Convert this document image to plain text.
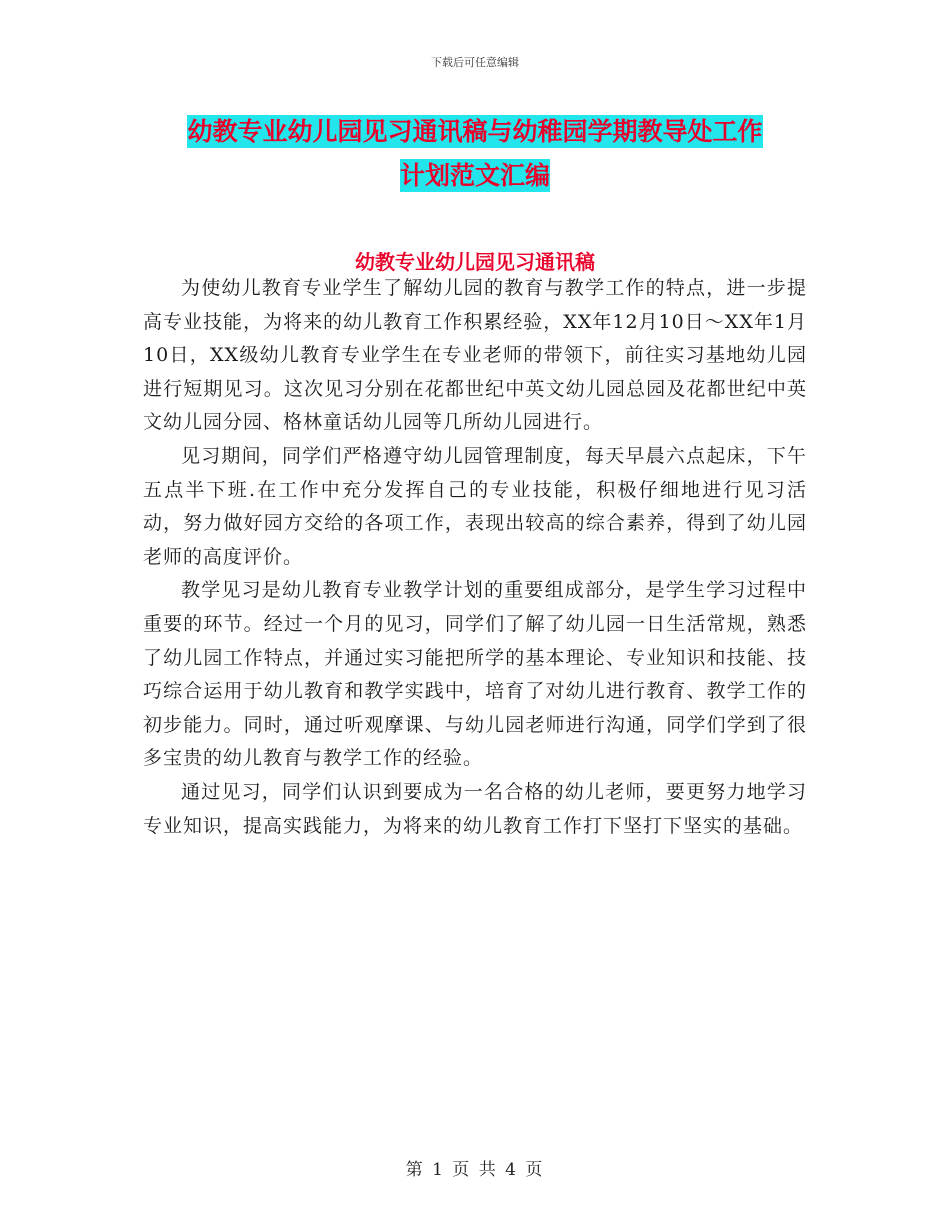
下载后可任意编辑
幼教专业幼儿园见习通讯稿与幼稚园学期教导处工作
计划范文汇编
幼教专业幼儿园见习通讯稿

为使幼儿教育专业学生了解幼儿园的教育与教学工作的特点，进一步提高专业技能，为将来的幼儿教育工作积累经验，XX年12月10日～XX年1月10日，XX级幼儿教育专业学生在专业老师的带领下，前往实习基地幼儿园进行短期见习。这次见习分别在花都世纪中英文幼儿园总园及花都世纪中英文幼儿园分园、格林童话幼儿园等几所幼儿园进行。

见习期间，同学们严格遵守幼儿园管理制度，每天早晨六点起床，下午五点半下班.在工作中充分发挥自己的专业技能，积极仔细地进行见习活动，努力做好园方交给的各项工作，表现出较高的综合素养，得到了幼儿园老师的高度评价。

教学见习是幼儿教育专业教学计划的重要组成部分，是学生学习过程中重要的环节。经过一个月的见习，同学们了解了幼儿园一日生活常规，熟悉了幼儿园工作特点，并通过实习能把所学的基本理论、专业知识和技能、技巧综合运用于幼儿教育和教学实践中，培育了对幼儿进行教育、教学工作的初步能力。同时，通过听观摩课、与幼儿园老师进行沟通，同学们学到了很多宝贵的幼儿教育与教学工作的经验。

通过见习，同学们认识到要成为一名合格的幼儿老师，要更努力地学习专业知识，提高实践能力，为将来的幼儿教育工作打下坚打下坚实的基础。

第 1 页 共 4 页
